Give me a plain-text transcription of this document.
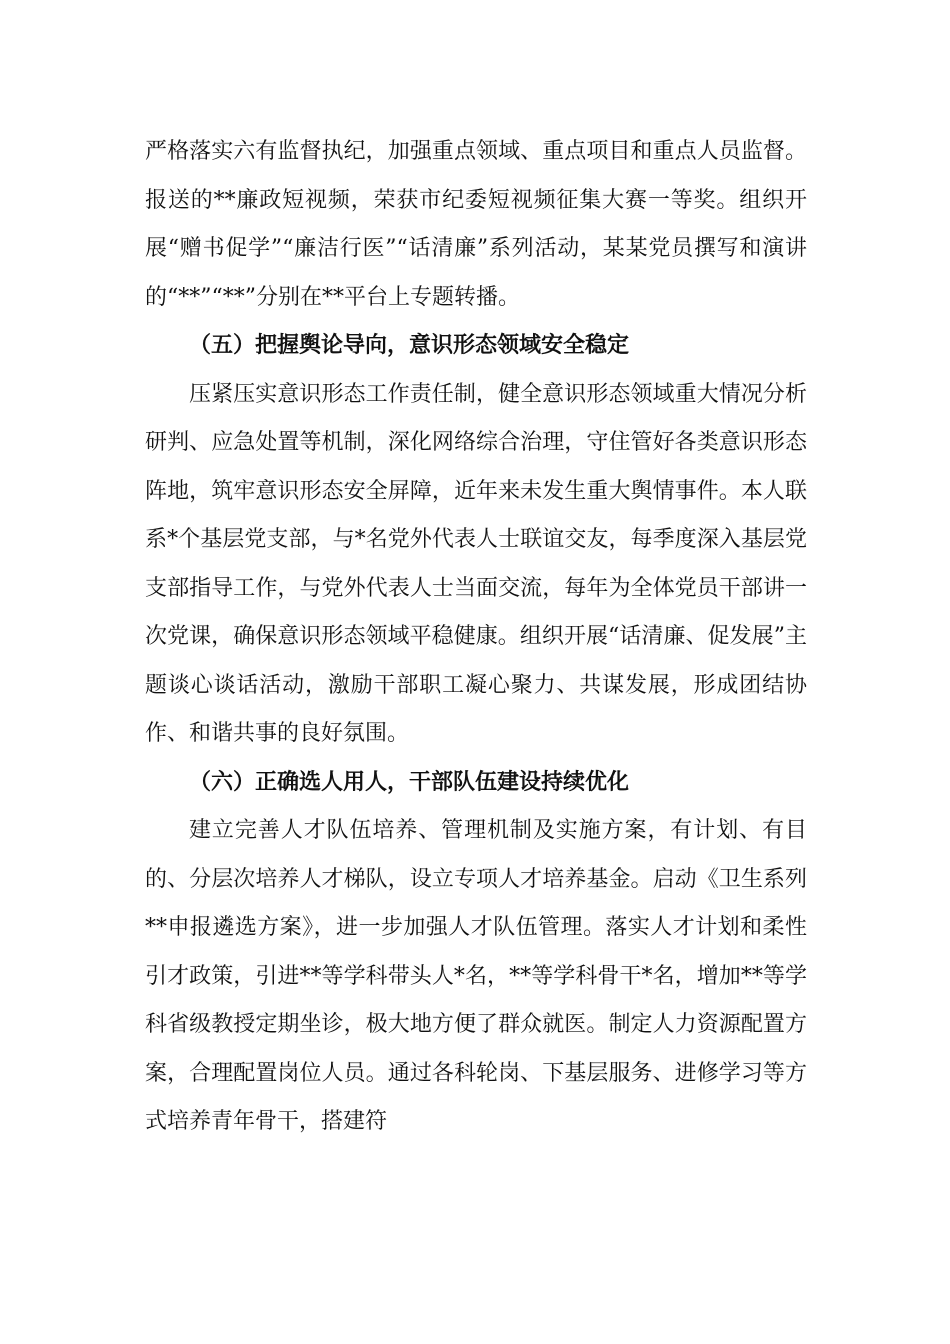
严格落实六有监督执纪，加强重点领域、重点项目和重点人员监督。报送的**廉政短视频，荣获市纪委短视频征集大赛一等奖。组织开展“赠书促学”“廉洁行医”“话清廉”系列活动，某某党员撰写和演讲的“**”“**”分别在**平台上专题转播。

（五）把握舆论导向，意识形态领域安全稳定

压紧压实意识形态工作责任制，健全意识形态领域重大情况分析研判、应急处置等机制，深化网络综合治理，守住管好各类意识形态阵地，筑牢意识形态安全屏障，近年来未发生重大舆情事件。本人联系*个基层党支部，与*名党外代表人士联谊交友，每季度深入基层党支部指导工作，与党外代表人士当面交流，每年为全体党员干部讲一次党课，确保意识形态领域平稳健康。组织开展“话清廉、促发展”主题谈心谈话活动，激励干部职工凝心聚力、共谋发展，形成团结协作、和谐共事的良好氛围。

（六）正确选人用人，干部队伍建设持续优化

建立完善人才队伍培养、管理机制及实施方案，有计划、有目的、分层次培养人才梯队，设立专项人才培养基金。启动《卫生系列**申报遴选方案》，进一步加强人才队伍管理。落实人才计划和柔性引才政策，引进**等学科带头人*名，**等学科骨干*名，增加**等学科省级教授定期坐诊，极大地方便了群众就医。制定人力资源配置方案，合理配置岗位人员。通过各科轮岗、下基层服务、进修学习等方式培养青年骨干，搭建符
